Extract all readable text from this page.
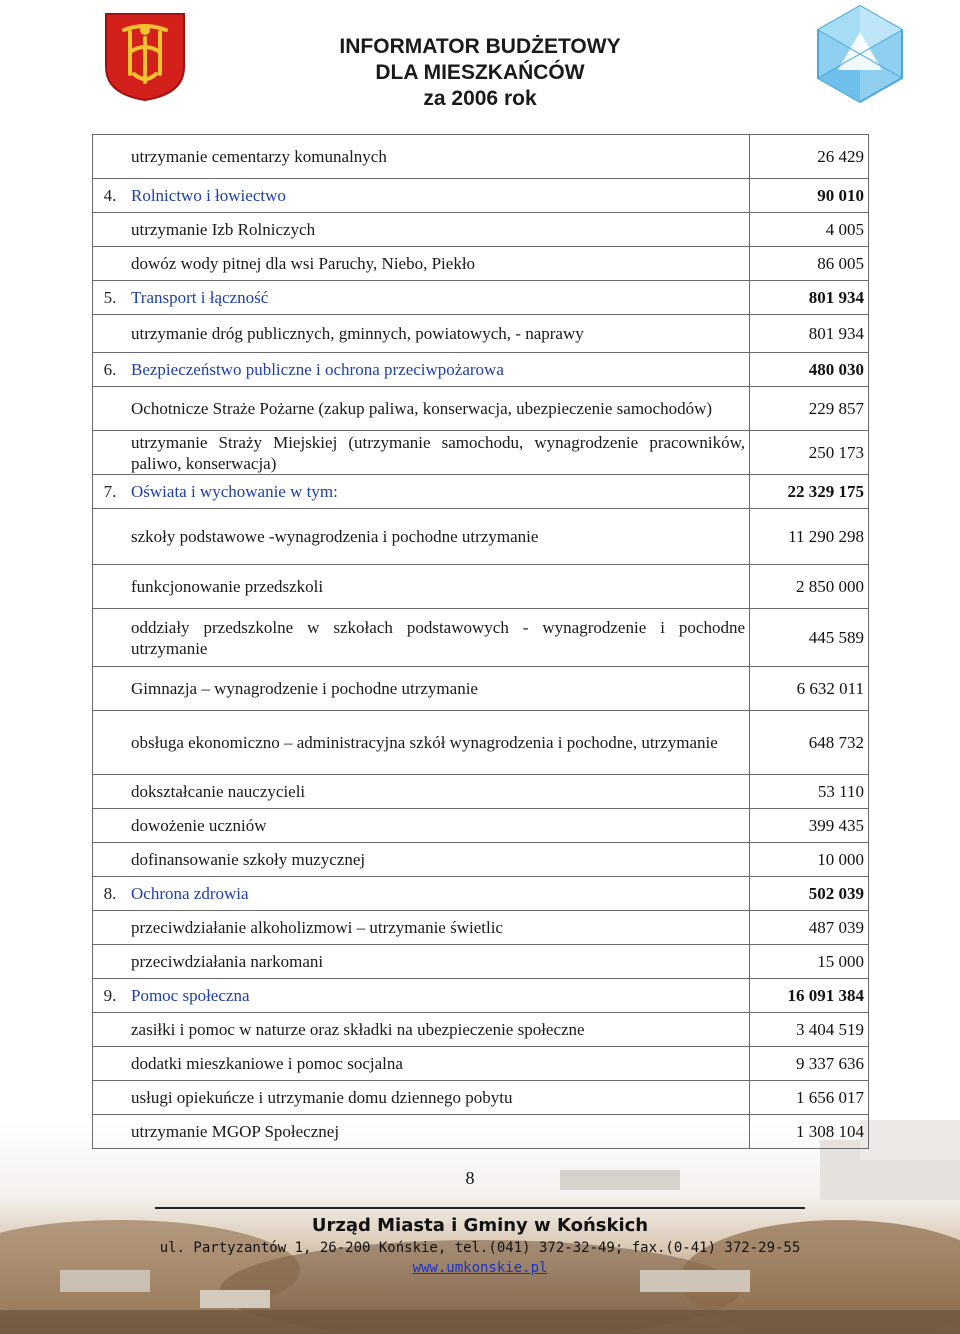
INFORMATOR BUDŻETOWY
DLA MIESZKAŃCÓW
za 2006 rok
	utrzymanie cementarzy komunalnych	26 429
4.	Rolnictwo i łowiectwo	90 010
	utrzymanie Izb Rolniczych	4 005
	dowóz wody pitnej dla wsi Paruchy, Niebo, Piekło	86 005
5.	Transport i łączność	801 934
	utrzymanie dróg publicznych, gminnych, powiatowych, - naprawy	801 934
6.	Bezpieczeństwo publiczne i ochrona przeciwpożarowa	480 030
	Ochotnicze Straże Pożarne (zakup paliwa, konserwacja, ubezpieczenie samochodów)	229 857
	utrzymanie Straży Miejskiej (utrzymanie samochodu, wynagrodzenie pracowników, paliwo, konserwacja)	250 173
7.	Oświata i wychowanie w tym:	22 329 175
	szkoły podstawowe -wynagrodzenia i pochodne utrzymanie	11 290 298
	funkcjonowanie przedszkoli	2 850 000
	oddziały przedszkolne w szkołach podstawowych - wynagrodzenie i pochodne utrzymanie	445 589
	Gimnazja – wynagrodzenie i pochodne utrzymanie	6 632 011
	obsługa ekonomiczno – administracyjna szkół wynagrodzenia i pochodne, utrzymanie	648 732
	dokształcanie nauczycieli	53 110
	dowożenie uczniów	399 435
	dofinansowanie szkoły muzycznej	10 000
8.	Ochrona zdrowia	502 039
	przeciwdziałanie alkoholizmowi – utrzymanie świetlic	487 039
	przeciwdziałania narkomani	15 000
9.	Pomoc społeczna	16 091 384
	zasiłki i pomoc w naturze oraz składki na ubezpieczenie społeczne	3 404 519
	dodatki mieszkaniowe i pomoc socjalna	9 337 636
	usługi opiekuńcze i utrzymanie domu dziennego pobytu	1 656 017
	utrzymanie MGOP Społecznej	1 308 104
8
Urząd Miasta i Gminy w Końskich
ul. Partyzantów 1, 26-200 Końskie, tel.(041) 372-32-49; fax.(0-41) 372-29-55
www.umkonskie.pl
